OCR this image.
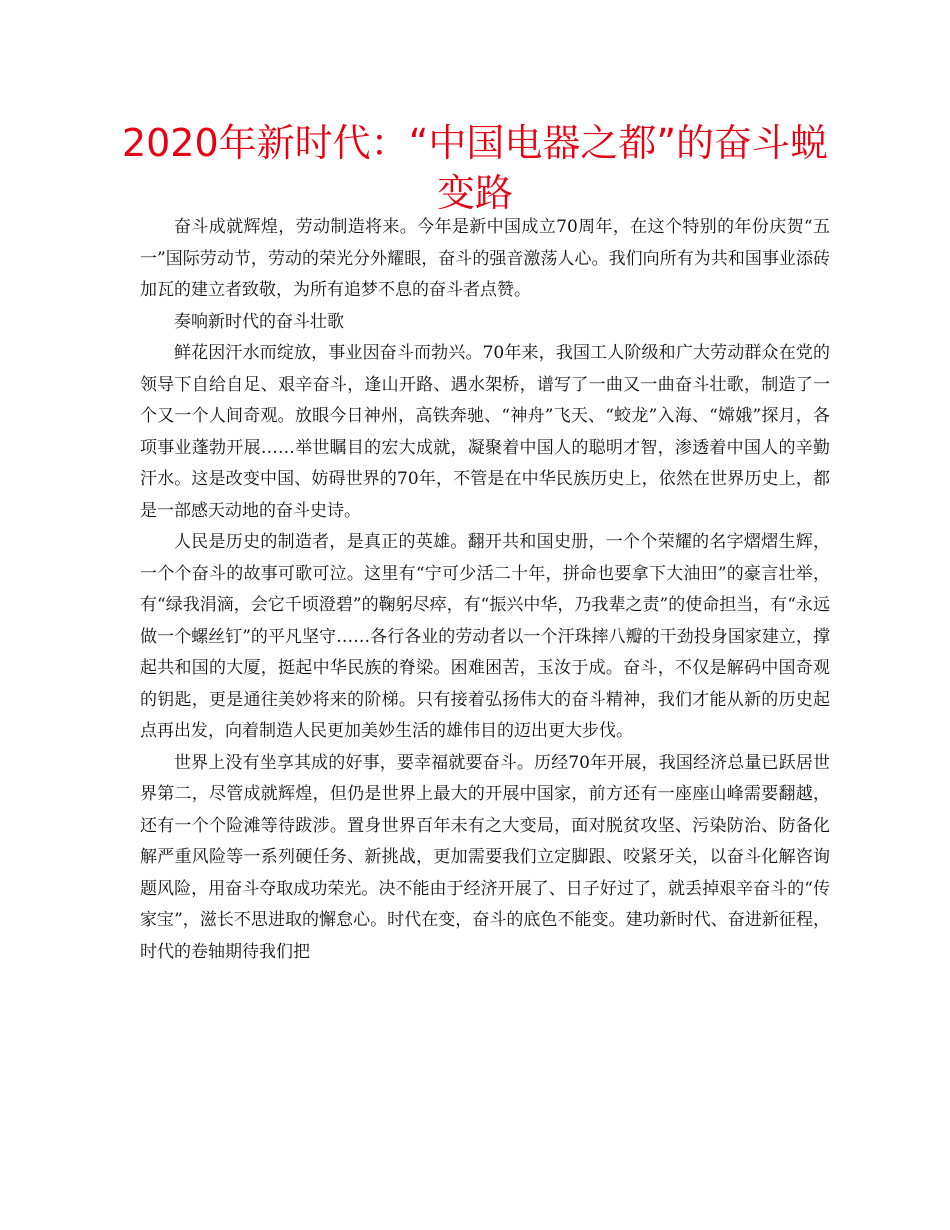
2020年新时代：“中国电器之都”的奋斗蜕变路

奋斗成就辉煌，劳动制造将来。今年是新中国成立70周年，在这个特别的年份庆贺“五一”国际劳动节，劳动的荣光分外耀眼，奋斗的强音激荡人心。我们向所有为共和国事业添砖加瓦的建立者致敬，为所有追梦不息的奋斗者点赞。

奏响新时代的奋斗壮歌

鲜花因汗水而绽放，事业因奋斗而勃兴。70年来，我国工人阶级和广大劳动群众在党的领导下自给自足、艰辛奋斗，逢山开路、遇水架桥，谱写了一曲又一曲奋斗壮歌，制造了一个又一个人间奇观。放眼今日神州，高铁奔驰、“神舟”飞天、“蛟龙”入海、“嫦娥”探月，各项事业蓬勃开展……举世瞩目的宏大成就，凝聚着中国人的聪明才智，渗透着中国人的辛勤汗水。这是改变中国、妨碍世界的70年，不管是在中华民族历史上，依然在世界历史上，都是一部感天动地的奋斗史诗。

人民是历史的制造者，是真正的英雄。翻开共和国史册，一个个荣耀的名字熠熠生辉，一个个奋斗的故事可歌可泣。这里有“宁可少活二十年，拼命也要拿下大油田”的豪言壮举，有“绿我涓滴，会它千顷澄碧”的鞠躬尽瘁，有“振兴中华，乃我辈之责”的使命担当，有“永远做一个螺丝钉”的平凡坚守……各行各业的劳动者以一个汗珠摔八瓣的干劲投身国家建立，撑起共和国的大厦，挺起中华民族的脊梁。困难困苦，玉汝于成。奋斗，不仅是解码中国奇观的钥匙，更是通往美妙将来的阶梯。只有接着弘扬伟大的奋斗精神，我们才能从新的历史起点再出发，向着制造人民更加美妙生活的雄伟目的迈出更大步伐。

世界上没有坐享其成的好事，要幸福就要奋斗。历经70年开展，我国经济总量已跃居世界第二，尽管成就辉煌，但仍是世界上最大的开展中国家，前方还有一座座山峰需要翻越，还有一个个险滩等待跋涉。置身世界百年未有之大变局，面对脱贫攻坚、污染防治、防备化解严重风险等一系列硬任务、新挑战，更加需要我们立定脚跟、咬紧牙关，以奋斗化解咨询题风险，用奋斗夺取成功荣光。决不能由于经济开展了、日子好过了，就丢掉艰辛奋斗的“传家宝”，滋长不思进取的懈怠心。时代在变，奋斗的底色不能变。建功新时代、奋进新征程，时代的卷轴期待我们把
